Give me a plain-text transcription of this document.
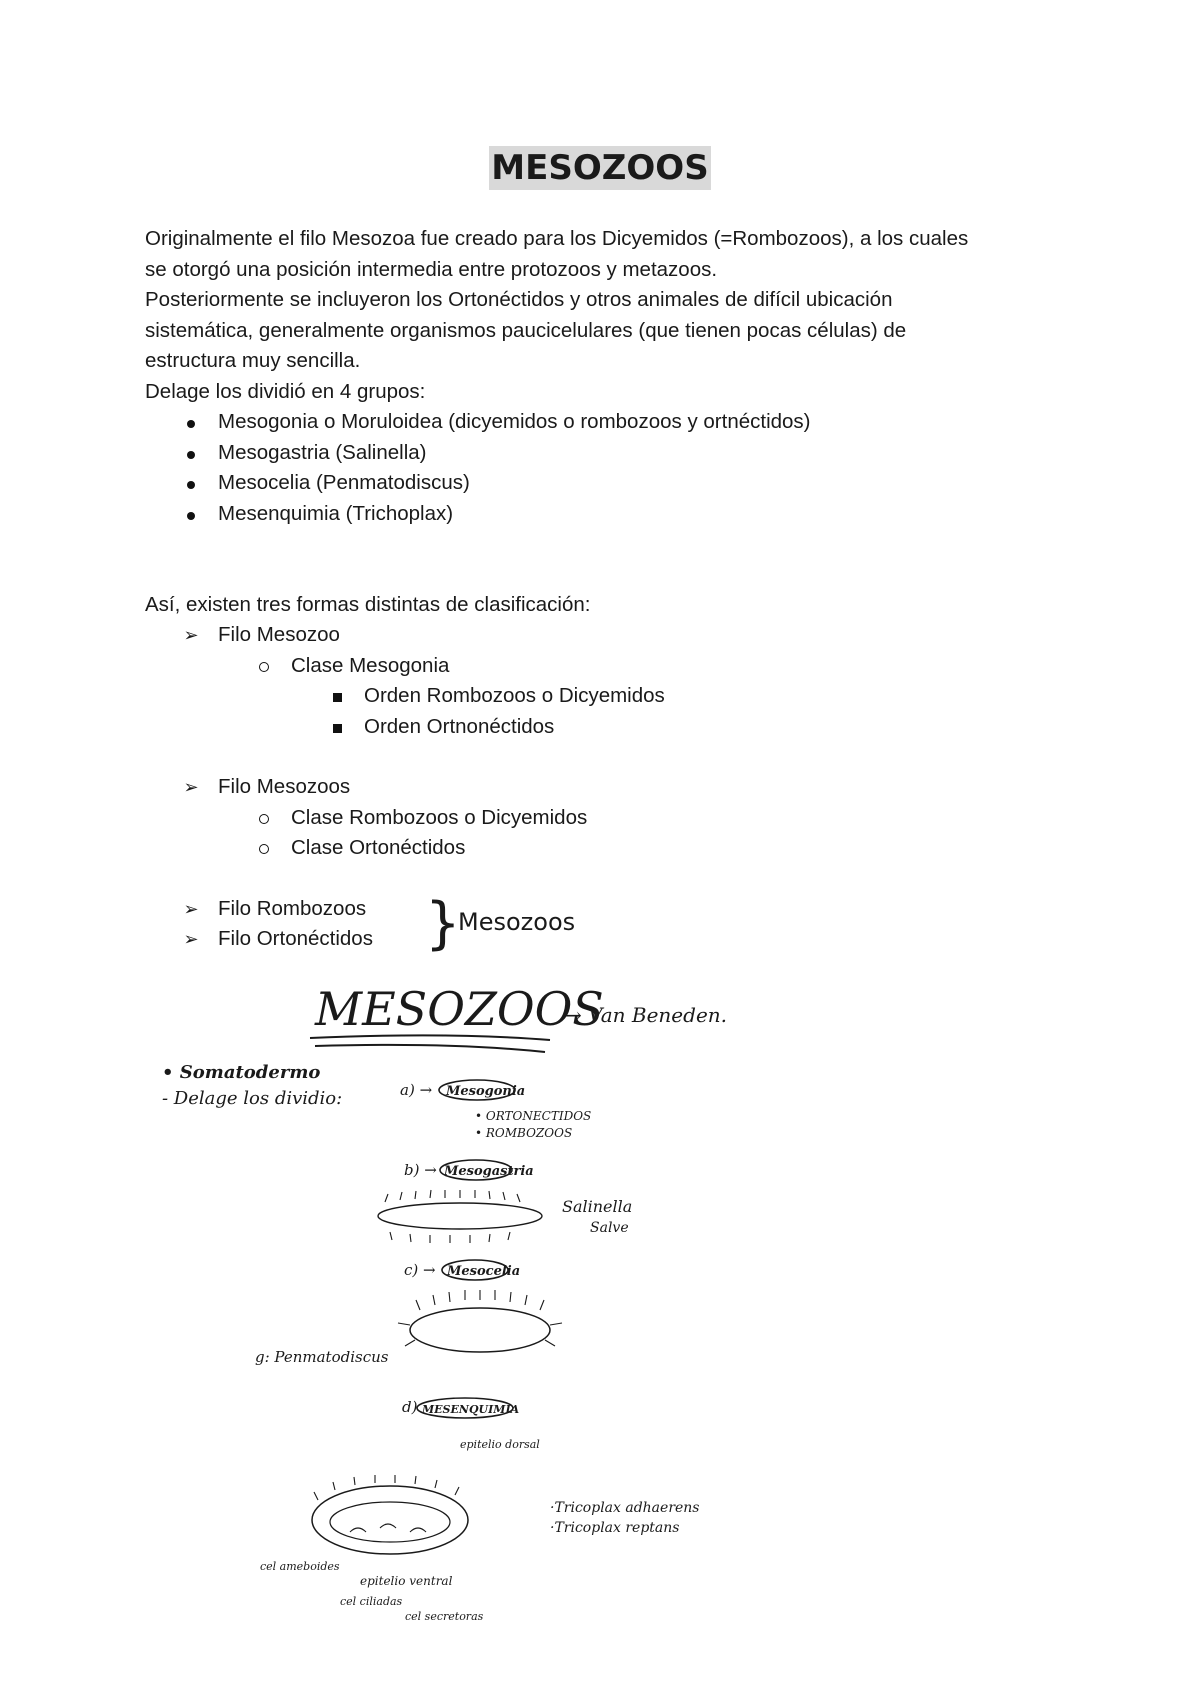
MESOZOOS
Originalmente el filo Mesozoa fue creado para los Dicyemidos (=Rombozoos), a los cuales
se otorgó una posición intermedia entre protozoos y metazoos.
Posteriormente se incluyeron los Ortonéctidos y otros animales de difícil ubicación
sistemática, generalmente organismos paucicelulares (que tienen pocas células) de
estructura muy sencilla.
Delage los dividió en 4 grupos:
Mesogonia o Moruloidea (dicyemidos o rombozoos y ortnéctidos)
Mesogastria (Salinella)
Mesocelia (Penmatodiscus)
Mesenquimia (Trichoplax)
Así, existen tres formas distintas de clasificación:
➢ Filo Mesozoo
Clase Mesogonia
Orden Rombozoos o Dicyemidos
Orden Ortnonéctidos
➢ Filo Mesozoos
Clase Rombozoos o Dicyemidos
Clase Ortonéctidos
➢ Filo Rombozoos
➢ Filo Ortonéctidos }
Mesozoos
MESOZOOS
→ Van Beneden.
• Somatodermo
- Delage los dividio:	a) → Mesogonia
• ORTONECTIDOS
• ROMBOZOOS
b) → Mesogastria
Salinella
Salve
c) → Mesocelia
g: Penmatodiscus
d) MESENQUIMIA
epitelio dorsal
·Tricoplax adhaerens
·Tricoplax reptans
cel ameboides
epitelio ventral
cel ciliadas
cel secretoras
